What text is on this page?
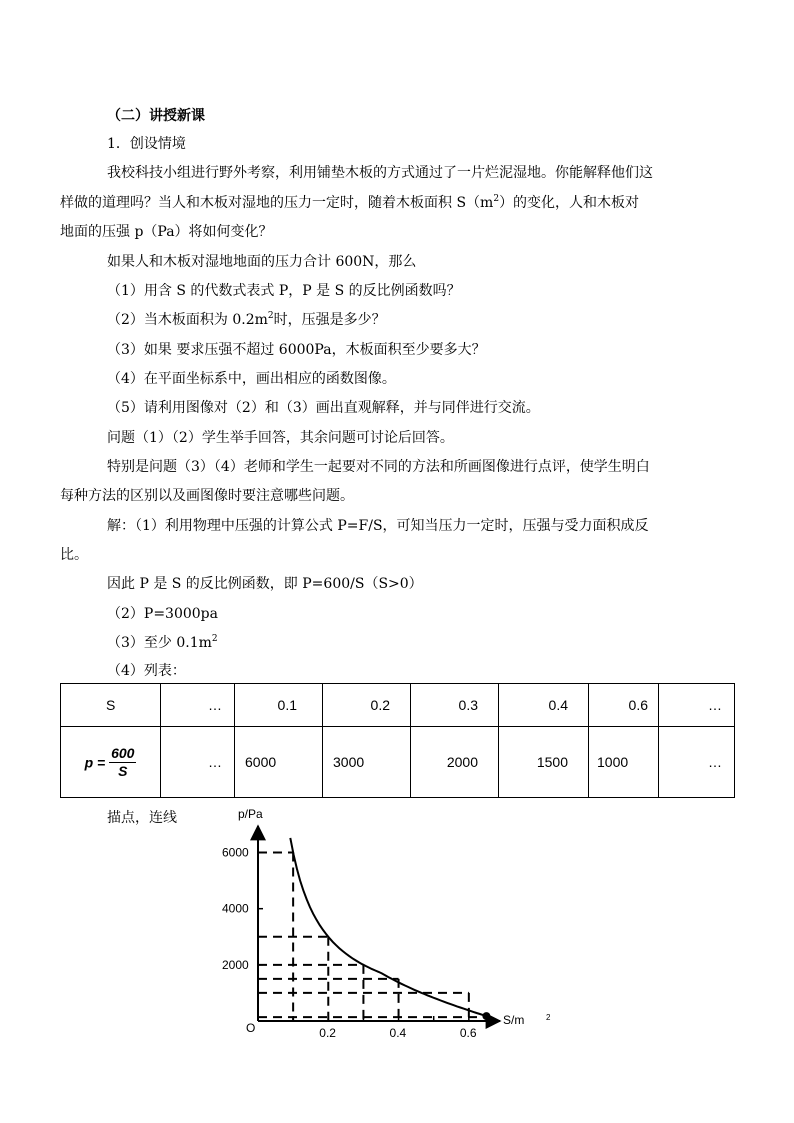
（二）讲授新课
1．创设情境
我校科技小组进行野外考察，利用铺垫木板的方式通过了一片烂泥湿地。你能解释他们这
样做的道理吗？当人和木板对湿地的压力一定时，随着木板面积 $S(m^2)$的变化，人和木板对
地面的压强 p（Pa）将如何变化？
如果人和木板对湿地地面的压力合计 600N，那么
（1）用含 S 的代数式表式 P，P 是 S 的反比例函数吗？
（2）当木板面积为 $0.2m^2$时，压强是多少？
（3）如果 要求压强不超过 6000Pa，木板面积至少要多大？
（4）在平面坐标系中，画出相应的函数图像。
（5）请利用图像对（2）和（3）画出直观解释，并与同伴进行交流。
问题（1）（2）学生举手回答，其余问题可讨论后回答。
特别是问题（3）（4）老师和学生一起要对不同的方法和所画图像进行点评，使学生明白
每种方法的区别以及画图像时要注意哪些问题。
解：（1）利用物理中压强的计算公式 P=F/S，可知当压力一定时，压强与受力面积成反
比。
因此 P 是 S 的反比例函数，即 P=600/S（S>0）
（2）P=3000pa
（3）至少 $0.1m^2$
（4）列表：
S	…	0.1	0.2	0.3	0.4	0.6	…
$p = \frac{600}{S}$	…	6000	3000	2000	1500	1000	…
描点，连线
0.2	0.4	0.6
2000
4000
6000
p/Pa
S/m	2
O
